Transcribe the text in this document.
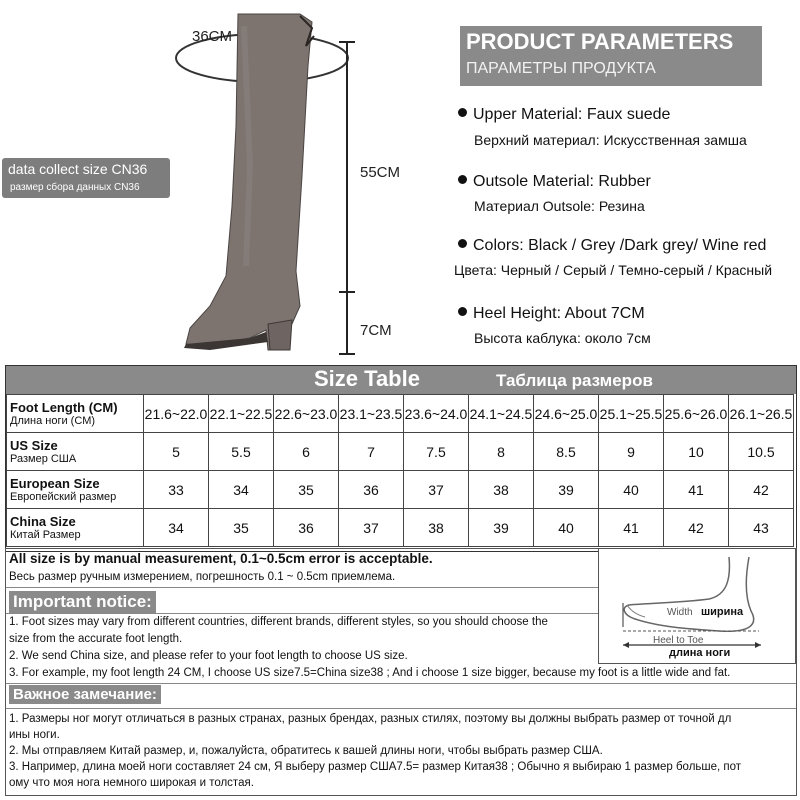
36CM
55CM
7CM
data collect size CN36
размер сбора данных CN36
PRODUCT PARAMETERS
ПАРАМЕТРЫ ПРОДУКТА
Upper Material: Faux suede
Верхний материал: Искусственная замша
Outsole Material: Rubber
Материал Outsole: Резина
Colors: Black / Grey /Dark grey/ Wine red
Цвета: Черный / Серый / Темно-серый / Красный
Heel Height: About 7CM
Высота каблука: около 7см
Size Table	Таблица размеров
Foot Length (CM)
Длина ноги (CM)	21.6~22.0	22.1~22.5	22.6~23.0	23.1~23.5	23.6~24.0	24.1~24.5	24.6~25.0	25.1~25.5	25.6~26.0	26.1~26.5

US Size
Размер США	5	5.5	6	7	7.5	8	8.5	9	10	10.5

European Size
Европейский размер	33	34	35	36	37	38	39	40	41	42

China Size
Китай Размер	34	35	36	37	38	39	40	41	42	43
All size is by manual measurement, 0.1~0.5cm error is acceptable.
Весь размер ручным измерением, погрешность 0.1 ~ 0.5cm приемлема.
Important notice:
1. Foot sizes may vary from different countries, different brands, different styles, so you should choose the
size from the accurate foot length.
2. We send China size, and please refer to your foot length to choose US size.
3. For example, my foot length 24 CM, I choose US size7.5=China size38 ; And i choose 1 size bigger, because my foot is a little wide and fat.
Важное замечание:
1. Размеры ног могут отличаться в разных странах, разных брендах, разных стилях, поэтому вы должны выбрать размер от точной дл
ины ноги.
2. Мы отправляем Китай размер, и, пожалуйста, обратитесь к вашей длины ноги, чтобы выбрать размер США.
3. Например, длина моей ноги составляет 24 см, Я выберу размер США7.5= размер Китая38 ; Обычно я выбираю 1 размер больше, пот
ому что моя нога немного широкая и толстая.
Width ширина
Heel to Toe
длина ноги
